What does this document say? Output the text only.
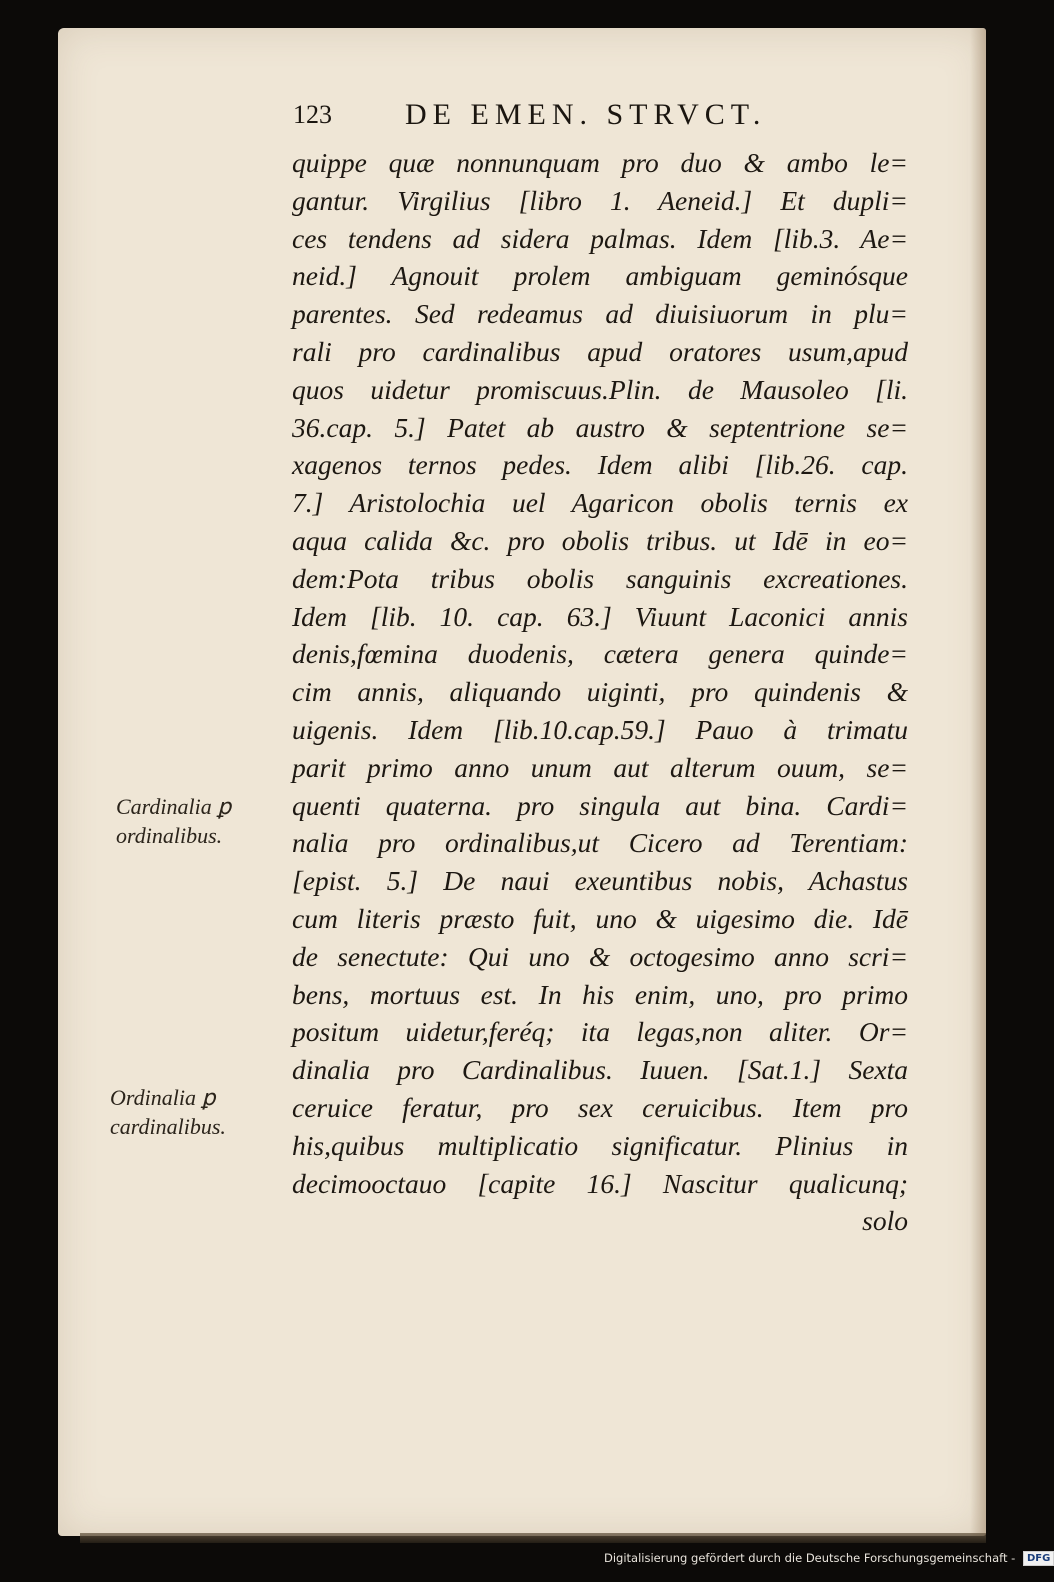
123 DE EMEN. STRVCT.
quippe quæ nonnunquam pro duo & ambo le=
gantur. Virgilius [libro 1. Aeneid.] Et dupli=
ces tendens ad sidera palmas. Idem [lib.3. Ae=
neid.] Agnouit prolem ambiguam geminósque
parentes. Sed redeamus ad diuisiuorum in plu=
rali pro cardinalibus apud oratores usum,apud
quos uidetur promiscuus.Plin. de Mausoleo [li.
36.cap. 5.] Patet ab austro & septentrione se=
xagenos ternos pedes. Idem alibi [lib.26. cap.
7.] Aristolochia uel Agaricon obolis ternis ex
aqua calida &c. pro obolis tribus. ut Idē in eo=
dem:Pota tribus obolis sanguinis excreationes.
Idem [lib. 10. cap. 63.] Viuunt Laconici annis
denis,fœmina duodenis, cætera genera quinde=
cim annis, aliquando uiginti, pro quindenis &
uigenis. Idem [lib.10.cap.59.] Pauo à trimatu
parit primo anno unum aut alterum ouum, se=
quenti quaterna. pro singula aut bina. Cardi=
nalia pro ordinalibus,ut Cicero ad Terentiam:
[epist. 5.] De naui exeuntibus nobis, Achastus
cum literis præsto fuit, uno & uigesimo die. Idē
de senectute: Qui uno & octogesimo anno scri=
bens, mortuus est. In his enim, uno, pro primo
positum uidetur,feréq; ita legas,non aliter. Or=
dinalia pro Cardinalibus. Iuuen. [Sat.1.] Sexta
ceruice feratur, pro sex ceruicibus. Item pro
his,quibus multiplicatio significatur. Plinius in
decimooctauo [capite 16.] Nascitur qualicunq;
solo
Cardinalia ꝑ
ordinalibus.
Ordinalia ꝑ
cardinalibus.
Digitalisierung gefördert durch die Deutsche Forschungsgemeinschaft - DFG
